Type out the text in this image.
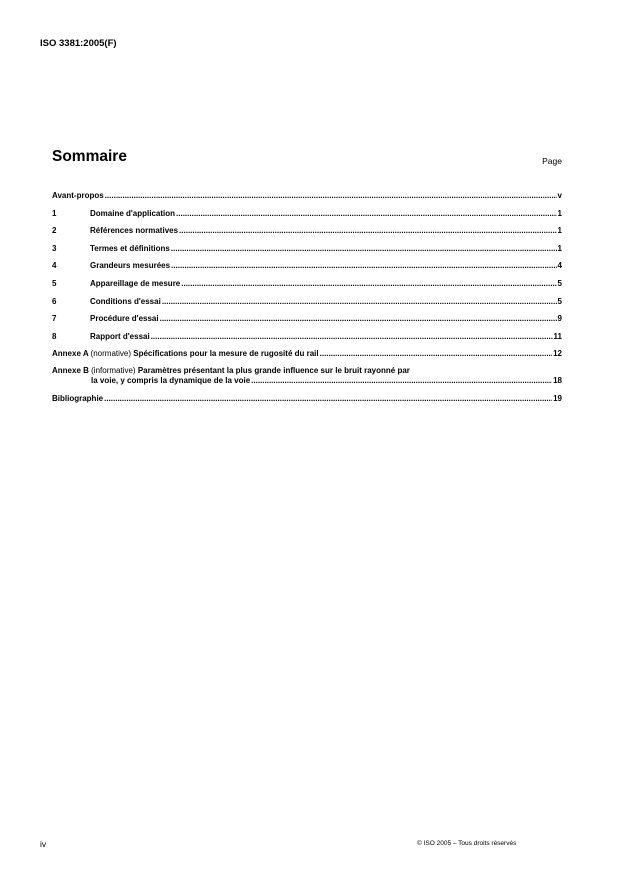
ISO 3381:2005(F)
Sommaire	Page
Avant-propos .....	v
1	Domaine d'application .....	1
2	Références normatives .....	1
3	Termes et définitions .....	1
4	Grandeurs mesurées .....	4
5	Appareillage de mesure .....	5
6	Conditions d'essai .....	5
7	Procédure d'essai .....	9
8	Rapport d'essai .....	11
Annexe A (normative) Spécifications pour la mesure de rugosité du rail .....	12
Annexe B (informative) Paramètres présentant la plus grande influence sur le bruit rayonné par
la voie, y compris la dynamique de la voie .....	18
Bibliographie .....	19
iv	© ISO 2005 – Tous droits réservés
